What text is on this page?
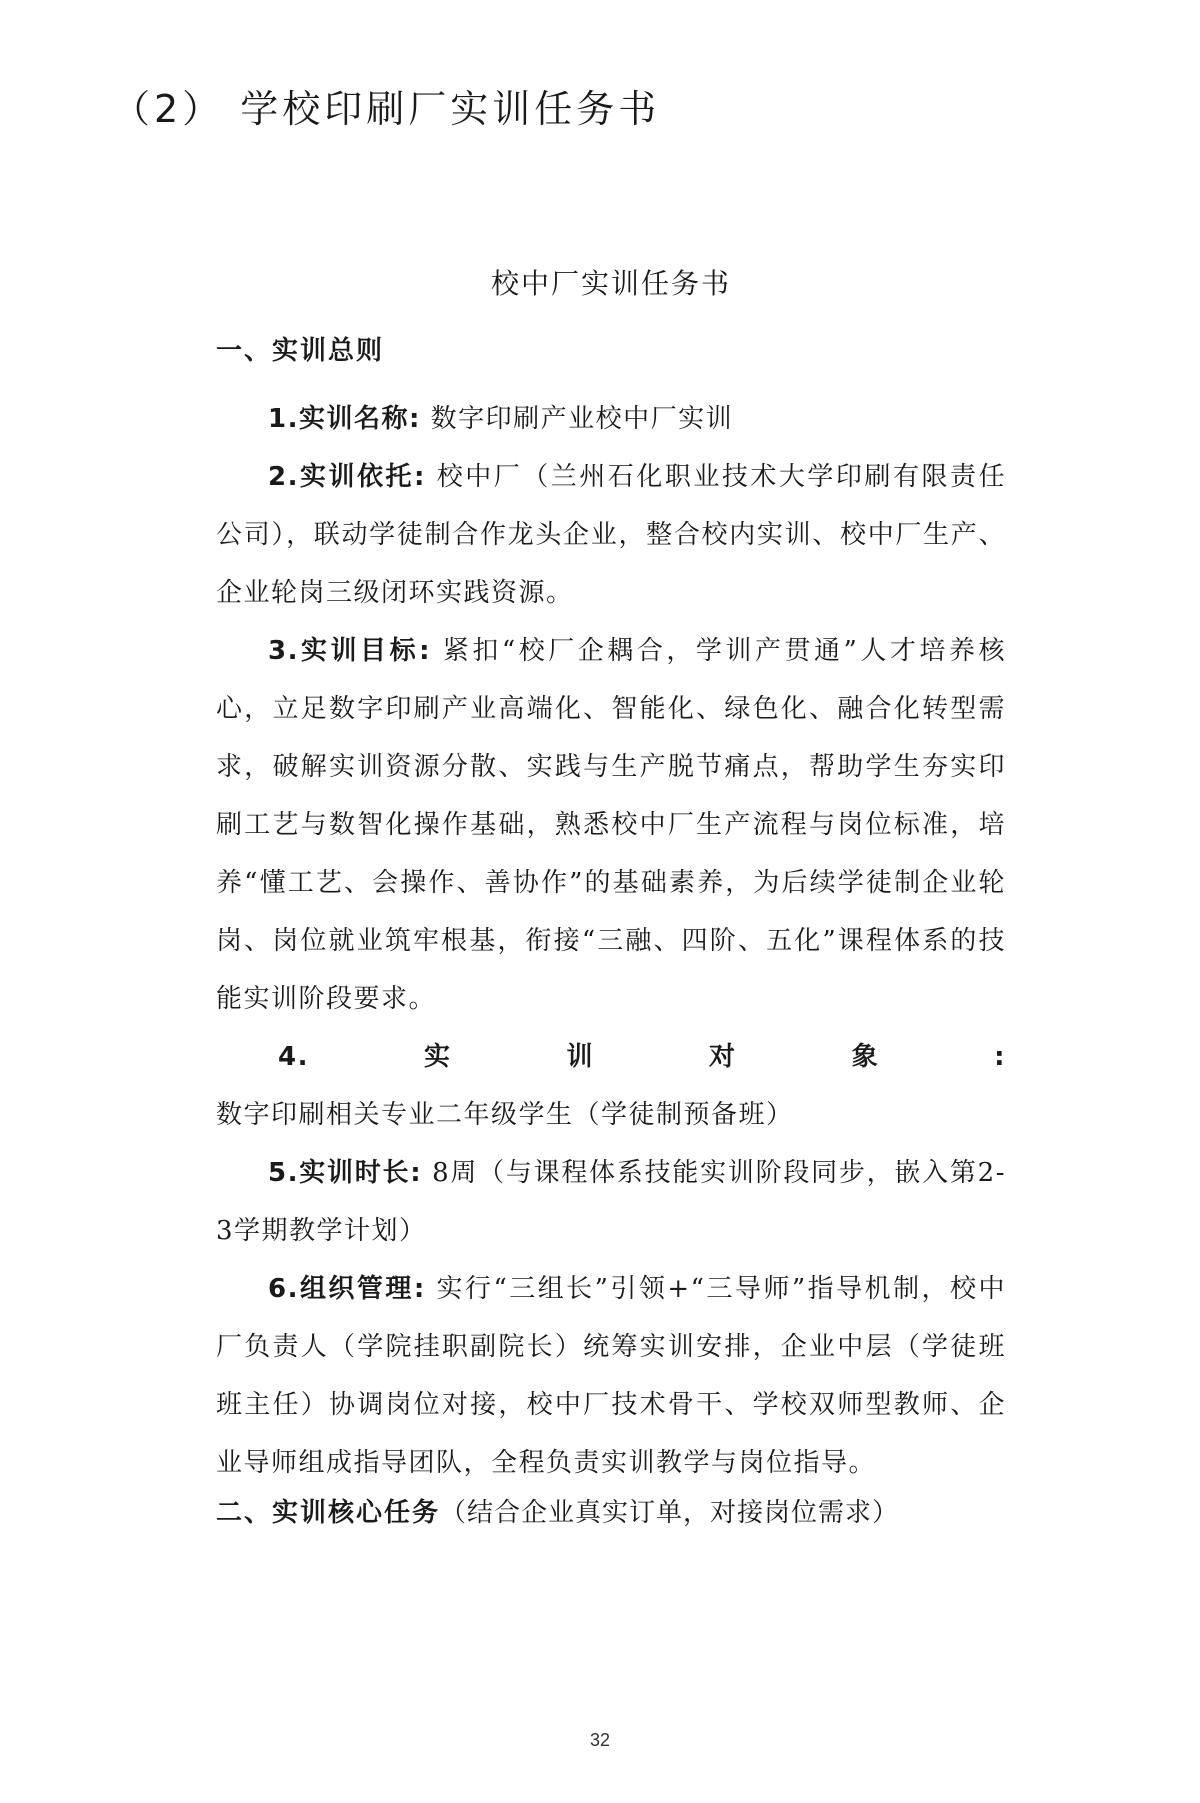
（2） 学校印刷厂实训任务书
校中厂实训任务书
一、实训总则

1.实训名称: 数字印刷产业校中厂实训

2.实训依托: 校中厂（兰州石化职业技术大学印刷有限责任公司），联动学徒制合作龙头企业，整合校内实训、校中厂生产、企业轮岗三级闭环实践资源。

3.实训目标: 紧扣“校厂企耦合，学训产贯通”人才培养核心，立足数字印刷产业高端化、智能化、绿色化、融合化转型需求，破解实训资源分散、实践与生产脱节痛点，帮助学生夯实印刷工艺与数智化操作基础，熟悉校中厂生产流程与岗位标准，培养“懂工艺、会操作、善协作”的基础素养，为后续学徒制企业轮岗、岗位就业筑牢根基，衔接“三融、四阶、五化”课程体系的技能实训阶段要求。

4.实训对象: 数字印刷相关专业二年级学生（学徒制预备班）

5.实训时长: 8周（与课程体系技能实训阶段同步，嵌入第2-3学期教学计划）

6.组织管理: 实行“三组长”引领+“三导师”指导机制，校中厂负责人（学院挂职副院长）统筹实训安排，企业中层（学徒班班主任）协调岗位对接，校中厂技术骨干、学校双师型教师、企业导师组成指导团队，全程负责实训教学与岗位指导。

二、实训核心任务（结合企业真实订单，对接岗位需求）
32
